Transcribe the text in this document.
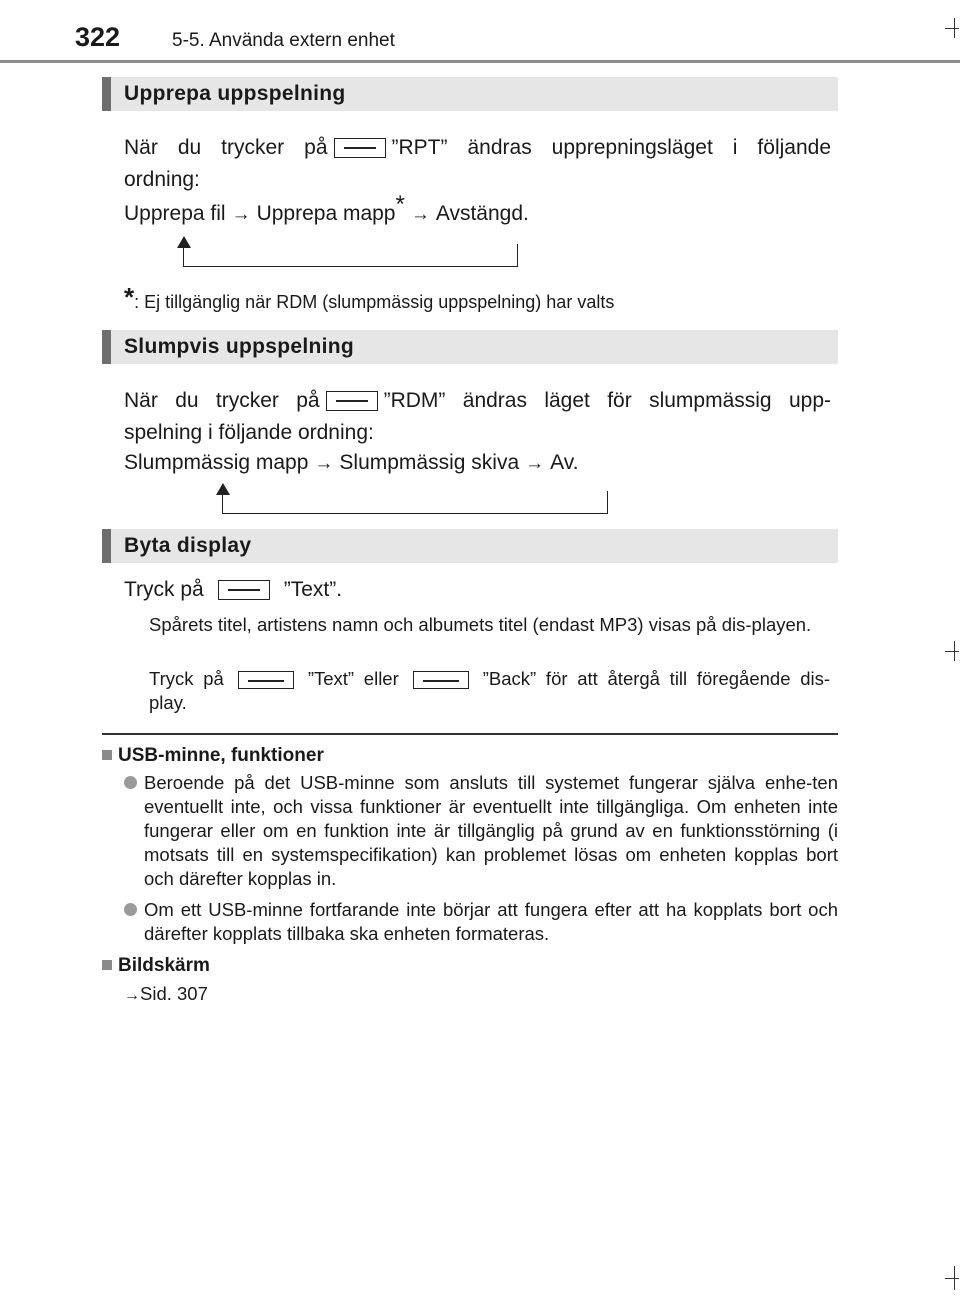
322	5-5. Använda extern enhet
Upprepa uppspelning
När du trycker på	”RPT” ändras upprepningsläget i följande
ordning:
Upprepa fil → Upprepa mapp* → Avstängd.
*: Ej tillgänglig när RDM (slumpmässig uppspelning) har valts
Slumpvis uppspelning
När du trycker på	”RDM” ändras läget för slumpmässig upp-
spelning i följande ordning:
Slumpmässig mapp → Slumpmässig skiva → Av.
Byta display
Tryck på	”Text”.
Spårets titel, artistens namn och albumets titel (endast MP3) visas på dis-playen.
Tryck på	”Text” eller	”Back” för att återgå till föregående dis-play.
USB-minne, funktioner
Beroende på det USB-minne som ansluts till systemet fungerar själva enhe-ten eventuellt inte, och vissa funktioner är eventuellt inte tillgängliga. Om enheten inte fungerar eller om en funktion inte är tillgänglig på grund av en funktionsstörning (i motsats till en systemspecifikation) kan problemet lösas om enheten kopplas bort och därefter kopplas in.
Om ett USB-minne fortfarande inte börjar att fungera efter att ha kopplats bort och därefter kopplats tillbaka ska enheten formateras.
Bildskärm
→Sid. 307
